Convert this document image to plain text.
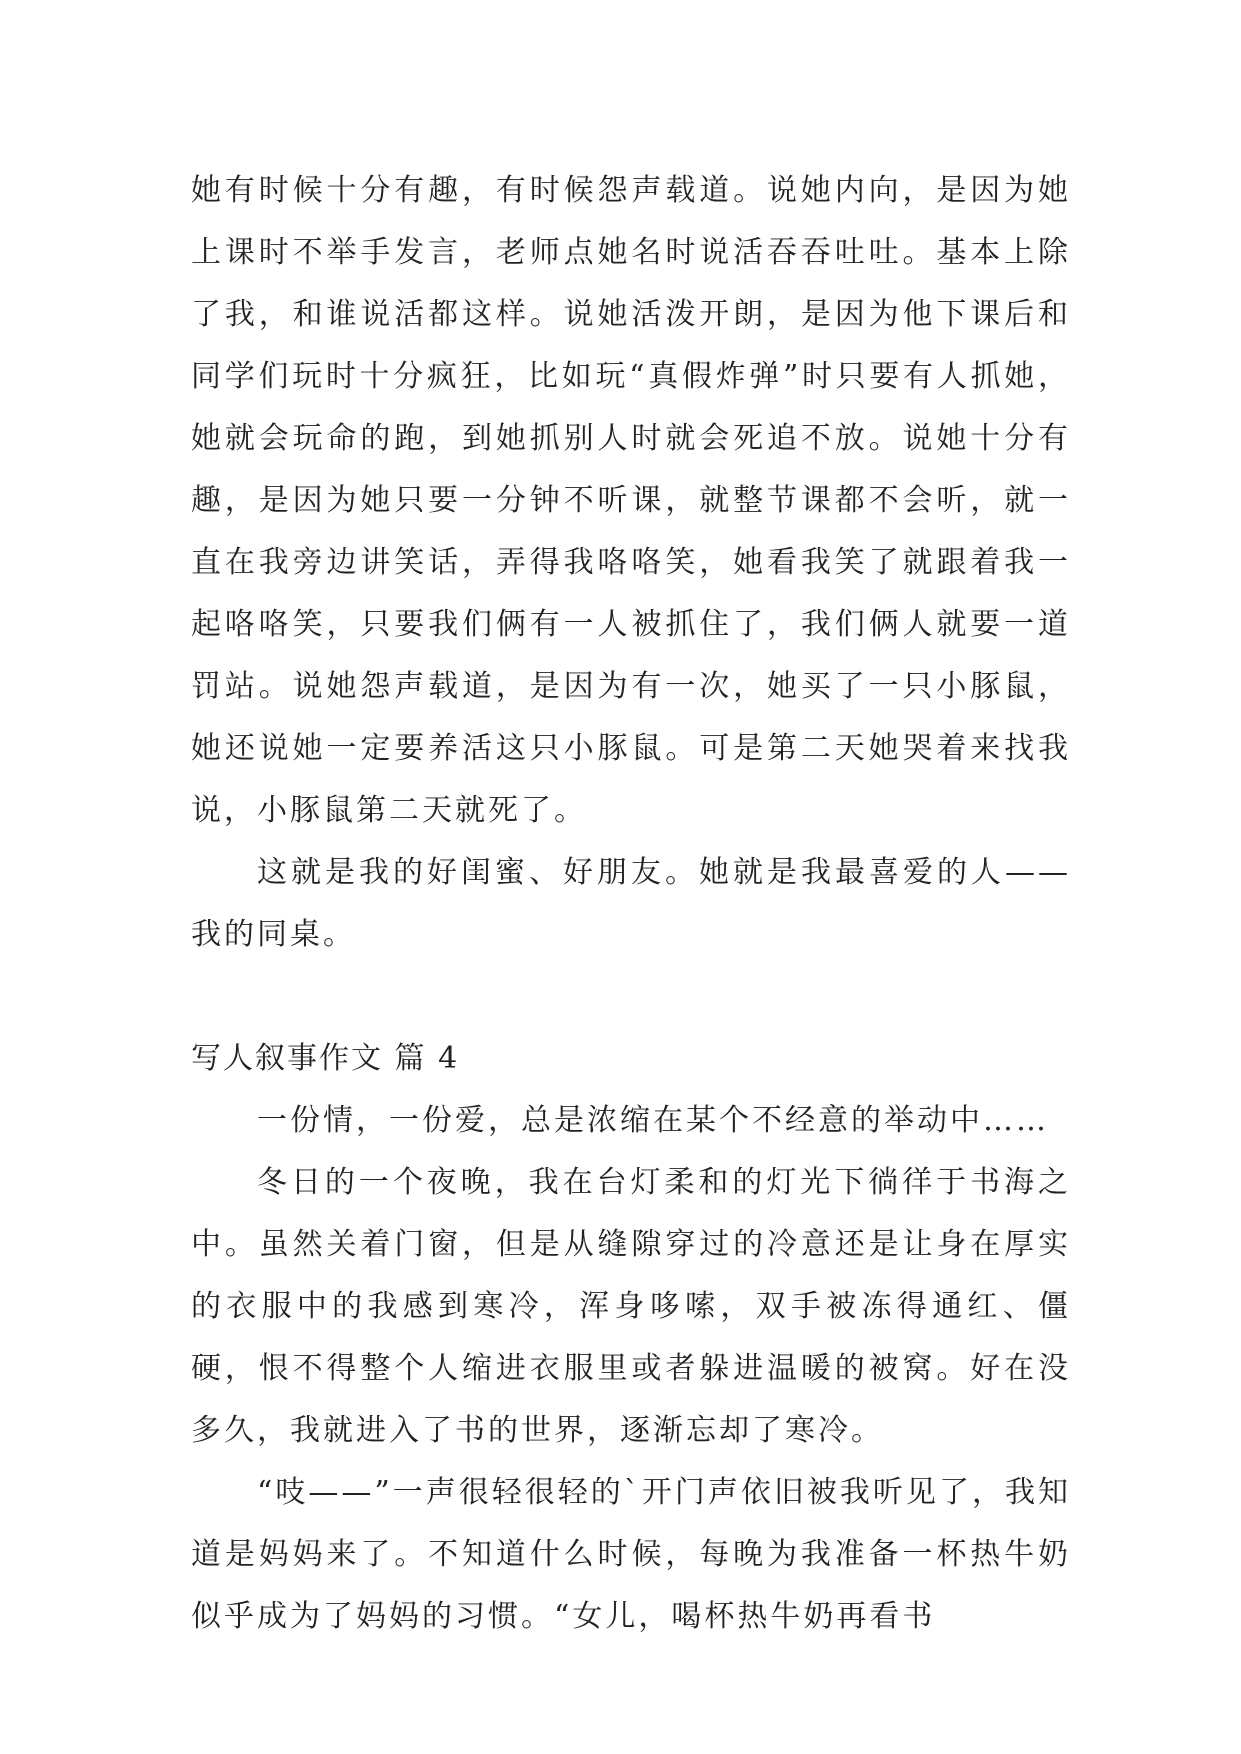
她有时候十分有趣，有时候怨声载道。说她内向，是因为她上课时不举手发言，老师点她名时说活吞吞吐吐。基本上除了我，和谁说活都这样。说她活泼开朗，是因为他下课后和同学们玩时十分疯狂，比如玩“真假炸弹”时只要有人抓她，她就会玩命的跑，到她抓别人时就会死追不放。说她十分有趣，是因为她只要一分钟不听课，就整节课都不会听，就一直在我旁边讲笑话，弄得我咯咯笑，她看我笑了就跟着我一起咯咯笑，只要我们俩有一人被抓住了，我们俩人就要一道罚站。说她怨声载道，是因为有一次，她买了一只小豚鼠，她还说她一定要养活这只小豚鼠。可是第二天她哭着来找我说，小豚鼠第二天就死了。

这就是我的好闺蜜、好朋友。她就是我最喜爱的人——我的同桌。

写人叙事作文 篇 4

一份情，一份爱，总是浓缩在某个不经意的举动中……

冬日的一个夜晚，我在台灯柔和的灯光下徜徉于书海之中。虽然关着门窗，但是从缝隙穿过的冷意还是让身在厚实的衣服中的我感到寒冷，浑身哆嗦，双手被冻得通红、僵硬，恨不得整个人缩进衣服里或者躲进温暖的被窝。好在没多久，我就进入了书的世界，逐渐忘却了寒冷。

“吱——”一声很轻很轻的`开门声依旧被我听见了，我知道是妈妈来了。不知道什么时候，每晚为我准备一杯热牛奶似乎成为了妈妈的习惯。“女儿，喝杯热牛奶再看书
